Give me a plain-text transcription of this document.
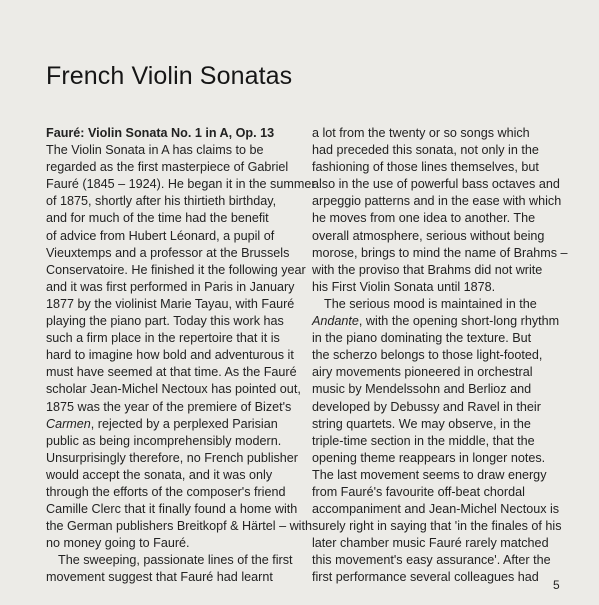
French Violin Sonatas

Fauré: Violin Sonata No. 1 in A, Op. 13
The Violin Sonata in A has claims to be
regarded as the first masterpiece of Gabriel
Fauré (1845 – 1924). He began it in the summer
of 1875, shortly after his thirtieth birthday,
and for much of the time had the benefit
of advice from Hubert Léonard, a pupil of
Vieuxtemps and a professor at the Brussels
Conservatoire. He finished it the following year
and it was first performed in Paris in January
1877 by the violinist Marie Tayau, with Fauré
playing the piano part. Today this work has
such a firm place in the repertoire that it is
hard to imagine how bold and adventurous it
must have seemed at that time. As the Fauré
scholar Jean-Michel Nectoux has pointed out,
1875 was the year of the premiere of Bizet's
Carmen, rejected by a perplexed Parisian
public as being incomprehensibly modern.
Unsurprisingly therefore, no French publisher
would accept the sonata, and it was only
through the efforts of the composer's friend
Camille Clerc that it finally found a home with
the German publishers Breitkopf & Härtel – with
no money going to Fauré.

The sweeping, passionate lines of the first
movement suggest that Fauré had learnt

a lot from the twenty or so songs which
had preceded this sonata, not only in the
fashioning of those lines themselves, but
also in the use of powerful bass octaves and
arpeggio patterns and in the ease with which
he moves from one idea to another. The
overall atmosphere, serious without being
morose, brings to mind the name of Brahms –
with the proviso that Brahms did not write
his First Violin Sonata until 1878.

The serious mood is maintained in the
Andante, with the opening short-long rhythm
in the piano dominating the texture. But
the scherzo belongs to those light-footed,
airy movements pioneered in orchestral
music by Mendelssohn and Berlioz and
developed by Debussy and Ravel in their
string quartets. We may observe, in the
triple-time section in the middle, that the
opening theme reappears in longer notes.
The last movement seems to draw energy
from Fauré's favourite off-beat chordal
accompaniment and Jean-Michel Nectoux is
surely right in saying that 'in the finales of his
later chamber music Fauré rarely matched
this movement's easy assurance'. After the
first performance several colleagues had

5
